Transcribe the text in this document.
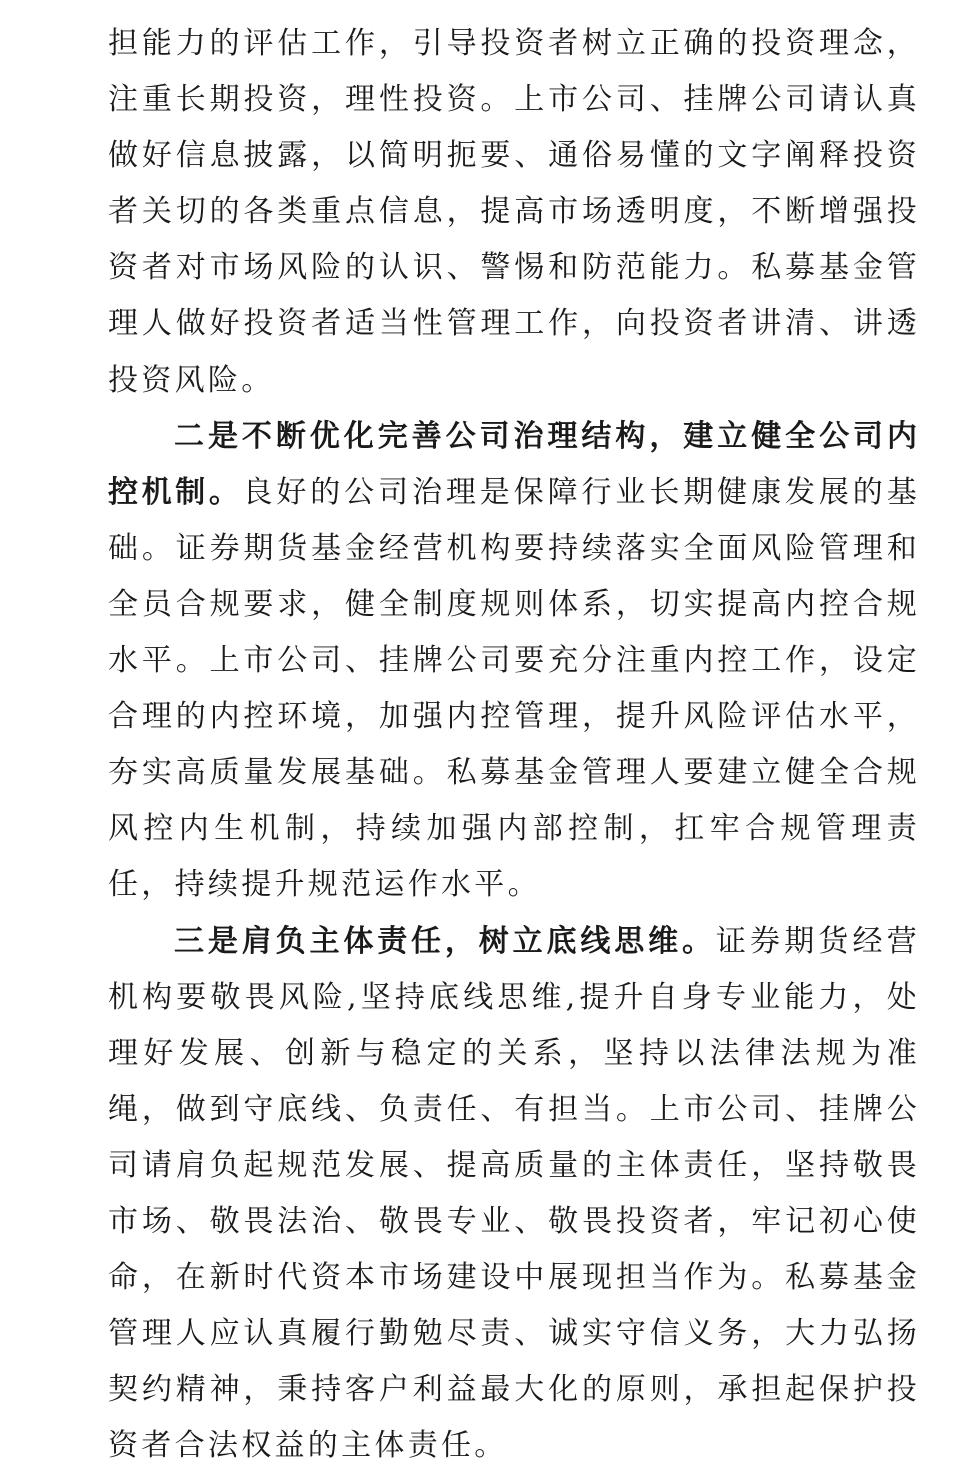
担能力的评估工作，引导投资者树立正确的投资理念，注重长期投资，理性投资。上市公司、挂牌公司请认真做好信息披露，以简明扼要、通俗易懂的文字阐释投资者关切的各类重点信息，提高市场透明度，不断增强投资者对市场风险的认识、警惕和防范能力。私募基金管理人做好投资者适当性管理工作，向投资者讲清、讲透投资风险。

二是不断优化完善公司治理结构，建立健全公司内控机制。良好的公司治理是保障行业长期健康发展的基础。证券期货基金经营机构要持续落实全面风险管理和全员合规要求，健全制度规则体系，切实提高内控合规水平。上市公司、挂牌公司要充分注重内控工作，设定合理的内控环境，加强内控管理，提升风险评估水平，夯实高质量发展基础。私募基金管理人要建立健全合规风控内生机制，持续加强内部控制，扛牢合规管理责任，持续提升规范运作水平。

三是肩负主体责任，树立底线思维。证券期货经营机构要敬畏风险,坚持底线思维,提升自身专业能力，处理好发展、创新与稳定的关系，坚持以法律法规为准绳，做到守底线、负责任、有担当。上市公司、挂牌公司请肩负起规范发展、提高质量的主体责任，坚持敬畏市场、敬畏法治、敬畏专业、敬畏投资者，牢记初心使命，在新时代资本市场建设中展现担当作为。私募基金管理人应认真履行勤勉尽责、诚实守信义务，大力弘扬契约精神，秉持客户利益最大化的原则，承担起保护投资者合法权益的主体责任。
